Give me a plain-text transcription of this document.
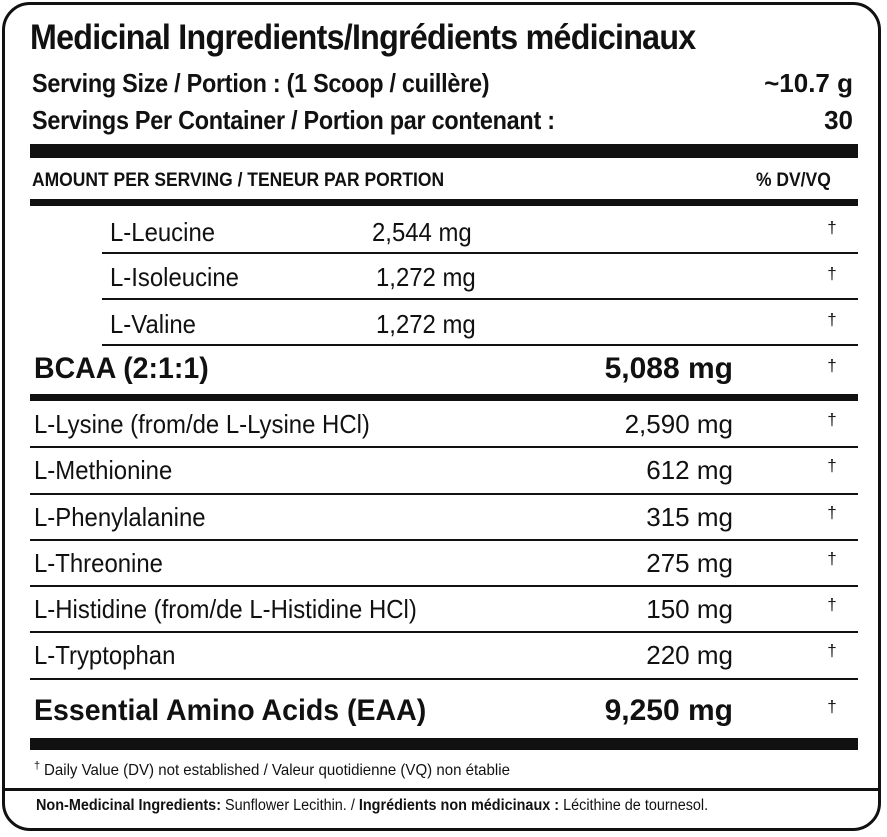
Medicinal Ingredients/Ingrédients médicinaux
Serving Size / Portion : (1 Scoop / cuillère)	~10.7 g
Servings Per Container / Portion par contenant :	30
AMOUNT PER SERVING / TENEUR PAR PORTION	% DV/VQ
L-Leucine	2,544 mg	†
L-Isoleucine	1,272 mg	†
L-Valine	1,272 mg	†
BCAA (2:1:1)	5,088 mg	†
L-Lysine (from/de L-Lysine HCl)	2,590 mg	†
L-Methionine	612 mg	†
L-Phenylalanine	315 mg	†
L-Threonine	275 mg	†
L-Histidine (from/de L-Histidine HCl)	150 mg	†
L-Tryptophan	220 mg	†
Essential Amino Acids (EAA)	9,250 mg	†
† Daily Value (DV) not established / Valeur quotidienne (VQ) non établie
Non-Medicinal Ingredients: Sunflower Lecithin. / Ingrédients non médicinaux : Lécithine de tournesol.
